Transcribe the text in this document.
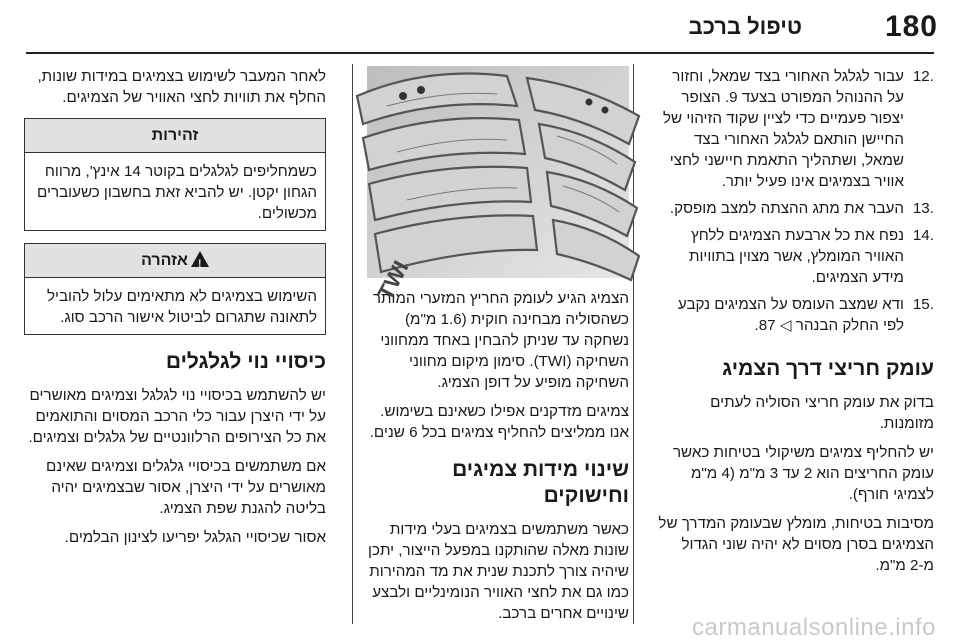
180
טיפול ברכב
.12
עבור לגלגל האחורי בצד שמאל, וחזור על ההנוהל המפורט בצעד 9. הצופר יצפור פעמיים כדי לציין שקוד הזיהוי של החיישן הותאם לגלגל האחורי בצד שמאל, ושתהליך התאמת חיישני לחצי אוויר בצמיגים אינו פעיל יותר.
.13
העבר את מתג ההצתה למצב מופסק.
.14
נפח את כל ארבעת הצמיגים ללחץ האוויר המומלץ, אשר מצוין בתוויות מידע הצמיגים.
.15
ודא שמצב העומס על הצמיגים נקבע לפי החלק הבנהר ◁ 87.
עומק חריצי דרך הצמיג

בדוק את עומק חריצי הסוליה לעתים מזומנות.

יש להחליף צמיגים משיקולי בטיחות כאשר עומק החריצים הוא 2 עד 3 מ"מ (4 מ"מ לצמיגי חורף).

מסיבות בטיחות, מומלץ שבעומק המדרך של הצמיגים בסרן מסוים לא יהיה שוני הגדול מ-2 מ"מ.

TWI

הצמיג הגיע לעומק החריץ המזערי המותר כשהסוליה מבחינה חוקית (1.6 מ"מ) נשחקה עד שניתן להבחין באחד ממחווני השחיקה (TWI). סימון מיקום מחווני השחיקה מופיע על דופן הצמיג.

צמיגים מזדקנים אפילו כשאינם בשימוש. אנו ממליצים להחליף צמיגים בכל 6 שנים.

שינוי מידות צמיגים וחישוקים

כאשר משתמשים בצמיגים בעלי מידות שונות מאלה שהותקנו במפעל הייצור, יתכן שיהיה צורך לתכנת שנית את מד המהירות כמו גם את לחצי האוויר הנומינליים ולבצע שינויים אחרים ברכב.

לאחר המעבר לשימוש בצמיגים במידות שונות, החלף את תוויות לחצי האוויר של הצמיגים.

זהירות
כשמחליפים לגלגלים בקוטר 14 אינץ', מרווח הגחון יקטן. יש להביא זאת בחשבון כשעוברים מכשולים.
!אזהרה
השימוש בצמיגים לא מתאימים עלול להוביל לתאונה שתגרום לביטול אישור הרכב סוג.
כיסויי נוי לגלגלים

יש להשתמש בכיסויי נוי לגלגל וצמיגים מאושרים על ידי היצרן עבור כלי הרכב המסוים והתואמים את כל הצירופים הרלוונטיים של גלגלים וצמיגים.

אם משתמשים בכיסויי גלגלים וצמיגים שאינם מאושרים על ידי היצרן, אסור שבצמיגים יהיה בליטה להגנת שפת הצמיג.

אסור שכיסויי הגלגל יפריעו לצינון הבלמים.

carmanualsonline.info
